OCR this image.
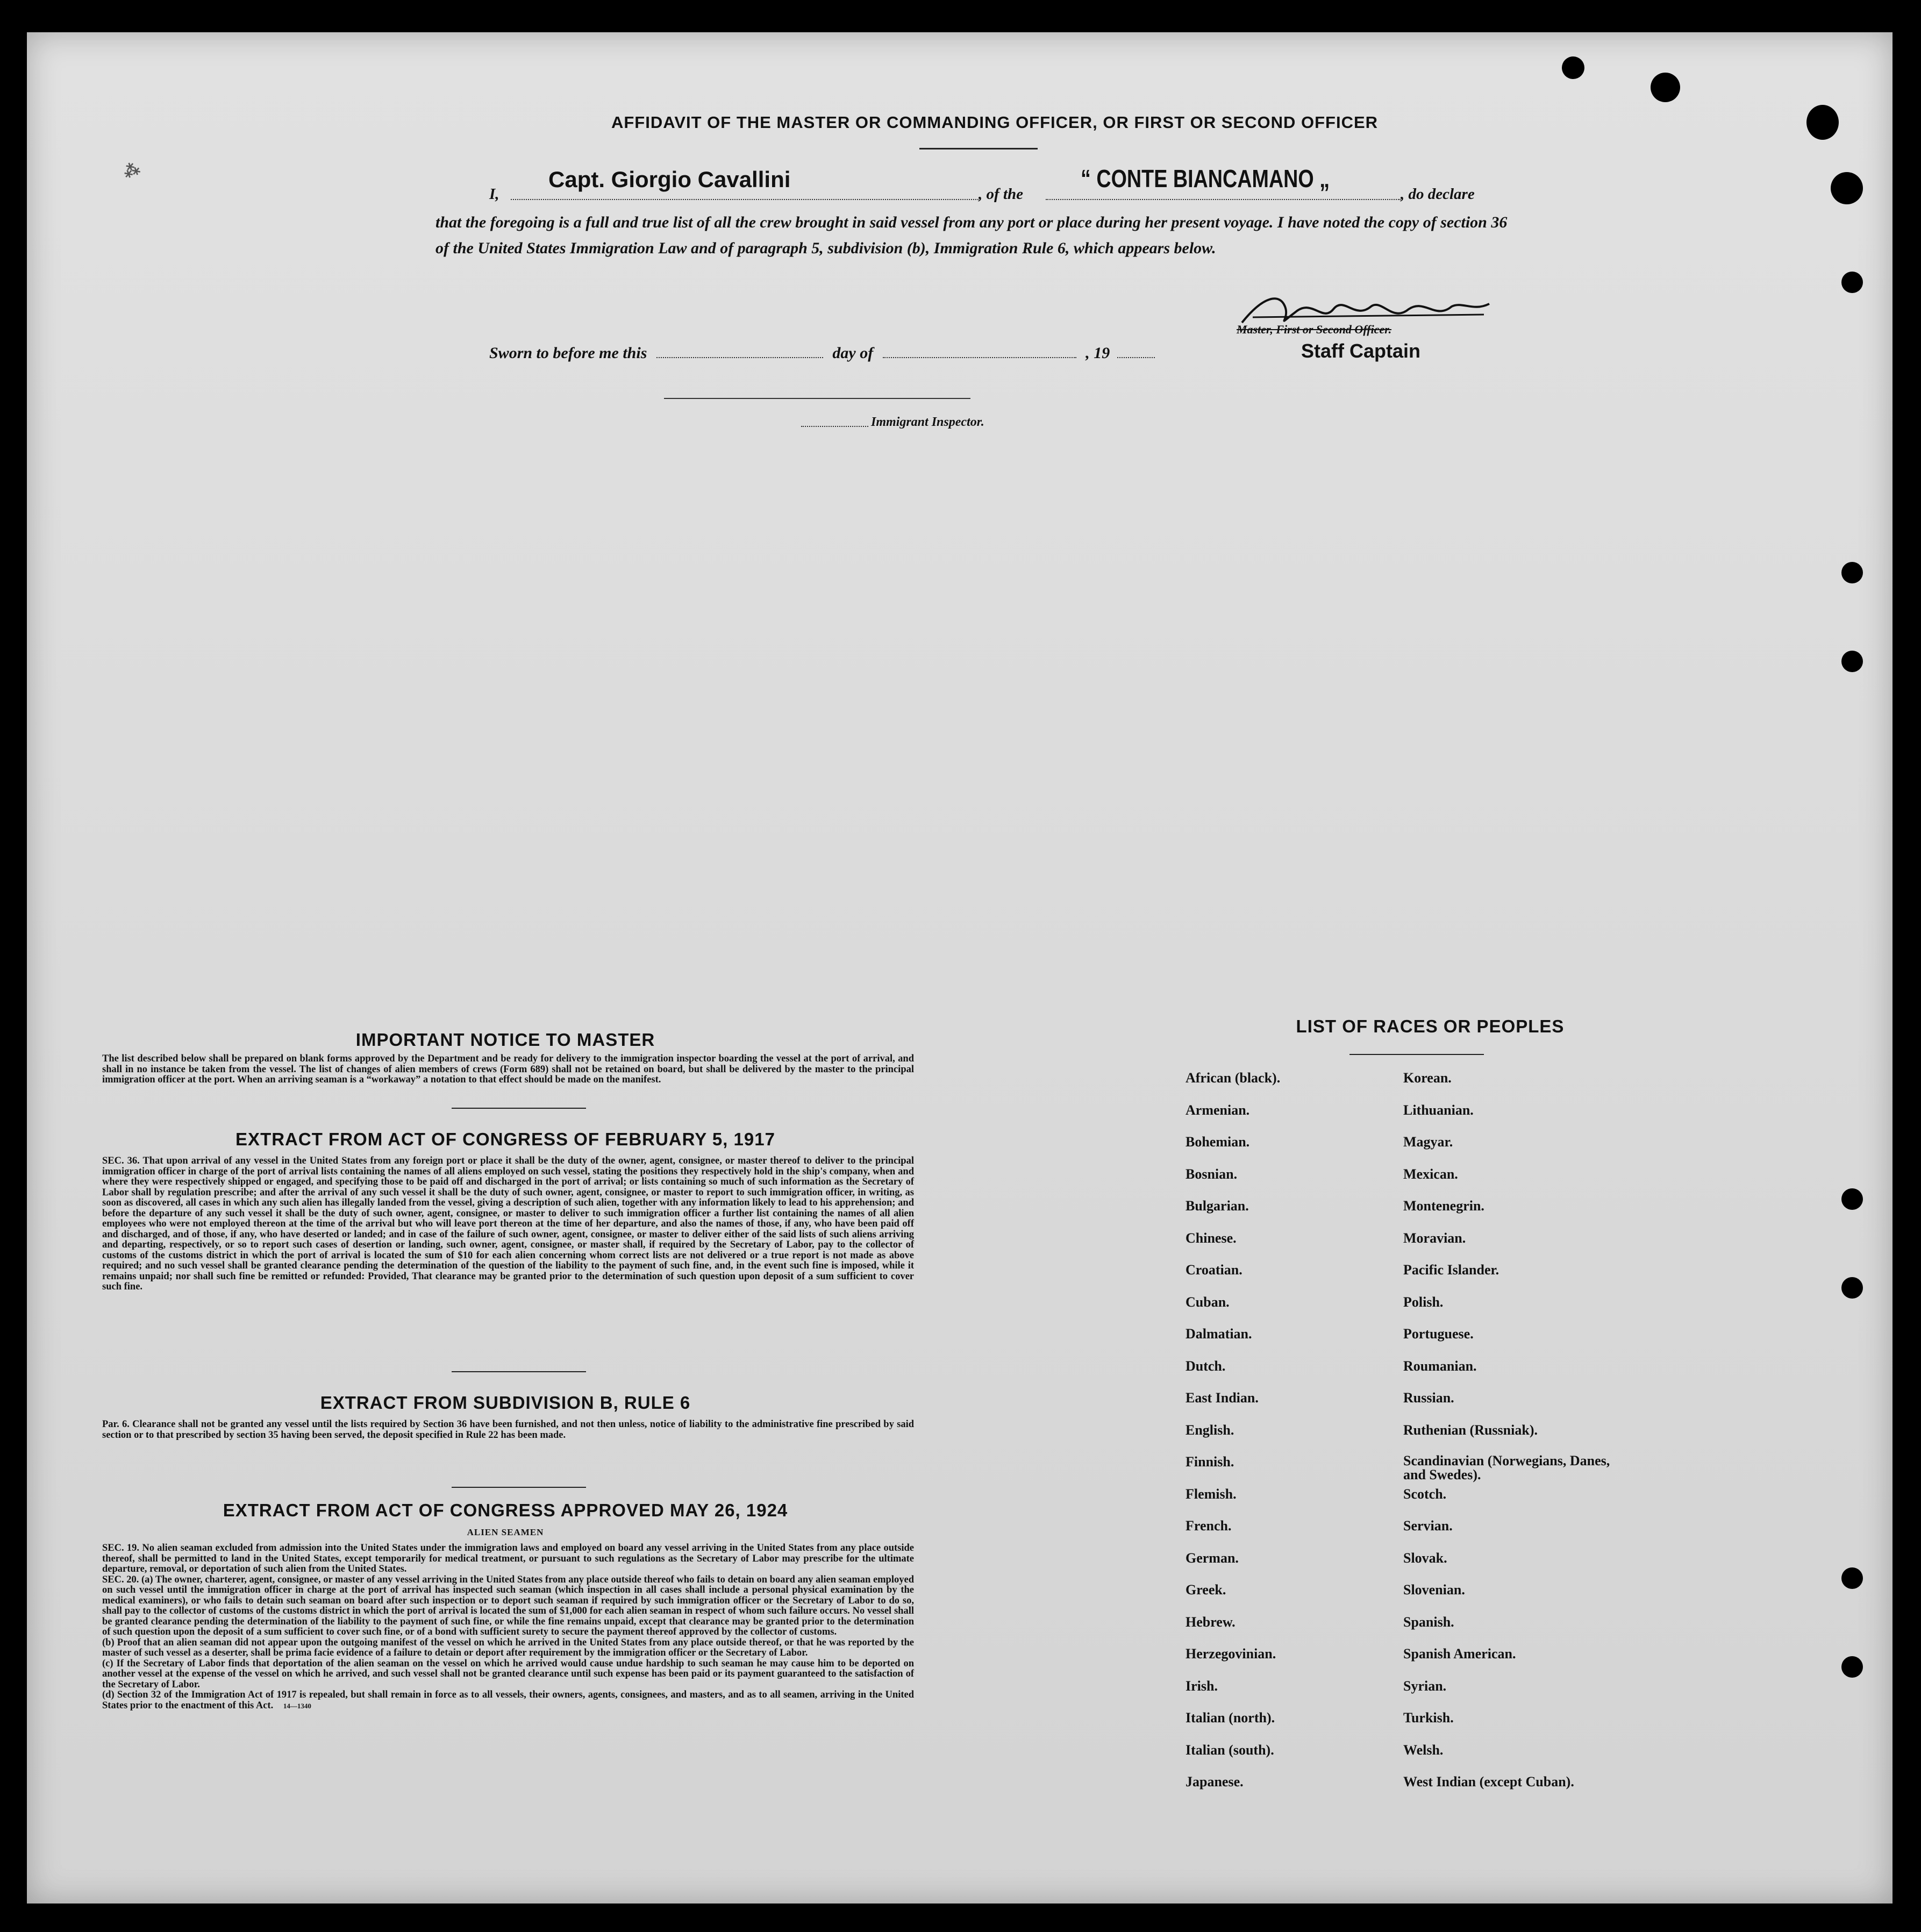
AFFIDAVIT OF THE MASTER OR COMMANDING OFFICER, OR FIRST OR SECOND OFFICER
I,
Capt. Giorgio Cavallini
, of the
“ CONTE BIANCAMANO „
, do declare
that the foregoing is a full and true list of all the crew brought in said vessel from any port or place during her present voyage. I have noted the copy of section 36 of the United States Immigration Law and of paragraph 5, subdivision (b), Immigration Rule 6, which appears below.
Master, First or Second Officer.
Staff Captain
Sworn to before me this	day of	, 19
Immigrant Inspector.
IMPORTANT NOTICE TO MASTER
The list described below shall be prepared on blank forms approved by the Department and be ready for delivery to the immigration inspector boarding the vessel at the port of arrival, and shall in no instance be taken from the vessel. The list of changes of alien members of crews (Form 689) shall not be retained on board, but shall be delivered by the master to the principal immigration officer at the port. When an arriving seaman is a “workaway” a notation to that effect should be made on the manifest.
EXTRACT FROM ACT OF CONGRESS OF FEBRUARY 5, 1917
SEC. 36. That upon arrival of any vessel in the United States from any foreign port or place it shall be the duty of the owner, agent, consignee, or master thereof to deliver to the principal immigration officer in charge of the port of arrival lists containing the names of all aliens employed on such vessel, stating the positions they respectively hold in the ship's company, when and where they were respectively shipped or engaged, and specifying those to be paid off and discharged in the port of arrival; or lists containing so much of such information as the Secretary of Labor shall by regulation prescribe; and after the arrival of any such vessel it shall be the duty of such owner, agent, consignee, or master to report to such immigration officer, in writing, as soon as discovered, all cases in which any such alien has illegally landed from the vessel, giving a description of such alien, together with any information likely to lead to his apprehension; and before the departure of any such vessel it shall be the duty of such owner, agent, consignee, or master to deliver to such immigration officer a further list containing the names of all alien employees who were not employed thereon at the time of the arrival but who will leave port thereon at the time of her departure, and also the names of those, if any, who have been paid off and discharged, and of those, if any, who have deserted or landed; and in case of the failure of such owner, agent, consignee, or master to deliver either of the said lists of such aliens arriving and departing, respectively, or so to report such cases of desertion or landing, such owner, agent, consignee, or master shall, if required by the Secretary of Labor, pay to the collector of customs of the customs district in which the port of arrival is located the sum of $10 for each alien concerning whom correct lists are not delivered or a true report is not made as above required; and no such vessel shall be granted clearance pending the determination of the question of the liability to the payment of such fine, and, in the event such fine is imposed, while it remains unpaid; nor shall such fine be remitted or refunded: Provided, That clearance may be granted prior to the determination of such question upon deposit of a sum sufficient to cover such fine.
EXTRACT FROM SUBDIVISION B, RULE 6
Par. 6. Clearance shall not be granted any vessel until the lists required by Section 36 have been furnished, and not then unless, notice of liability to the administrative fine prescribed by said section or to that prescribed by section 35 having been served, the deposit specified in Rule 22 has been made.
EXTRACT FROM ACT OF CONGRESS APPROVED MAY 26, 1924
ALIEN SEAMEN
SEC. 19. No alien seaman excluded from admission into the United States under the immigration laws and employed on board any vessel arriving in the United States from any place outside thereof, shall be permitted to land in the United States, except temporarily for medical treatment, or pursuant to such regulations as the Secretary of Labor may prescribe for the ultimate departure, removal, or deportation of such alien from the United States.
SEC. 20. (a) The owner, charterer, agent, consignee, or master of any vessel arriving in the United States from any place outside thereof who fails to detain on board any alien seaman employed on such vessel until the immigration officer in charge at the port of arrival has inspected such seaman (which inspection in all cases shall include a personal physical examination by the medical examiners), or who fails to detain such seaman on board after such inspection or to deport such seaman if required by such immigration officer or the Secretary of Labor to do so, shall pay to the collector of customs of the customs district in which the port of arrival is located the sum of $1,000 for each alien seaman in respect of whom such failure occurs. No vessel shall be granted clearance pending the determination of the liability to the payment of such fine, or while the fine remains unpaid, except that clearance may be granted prior to the determination of such question upon the deposit of a sum sufficient to cover such fine, or of a bond with sufficient surety to secure the payment thereof approved by the collector of customs.
(b) Proof that an alien seaman did not appear upon the outgoing manifest of the vessel on which he arrived in the United States from any place outside thereof, or that he was reported by the master of such vessel as a deserter, shall be prima facie evidence of a failure to detain or deport after requirement by the immigration officer or the Secretary of Labor.
(c) If the Secretary of Labor finds that deportation of the alien seaman on the vessel on which he arrived would cause undue hardship to such seaman he may cause him to be deported on another vessel at the expense of the vessel on which he arrived, and such vessel shall not be granted clearance until such expense has been paid or its payment guaranteed to the satisfaction of the Secretary of Labor.
(d) Section 32 of the Immigration Act of 1917 is repealed, but shall remain in force as to all vessels, their owners, agents, consignees, and masters, and as to all seamen, arriving in the United States prior to the enactment of this Act. 14—1340
LIST OF RACES OR PEOPLES
African (black).
Armenian.
Bohemian.
Bosnian.
Bulgarian.
Chinese.
Croatian.
Cuban.
Dalmatian.
Dutch.
East Indian.
English.
Finnish.
Flemish.
French.
German.
Greek.
Hebrew.
Herzegovinian.
Irish.
Italian (north).
Italian (south).
Japanese.
Korean.
Lithuanian.
Magyar.
Mexican.
Montenegrin.
Moravian.
Pacific Islander.
Polish.
Portuguese.
Roumanian.
Russian.
Ruthenian (Russniak).
Scandinavian (Norwegians, Danes, and Swedes).
Scotch.
Servian.
Slovak.
Slovenian.
Spanish.
Spanish American.
Syrian.
Turkish.
Welsh.
West Indian (except Cuban).
⁂
